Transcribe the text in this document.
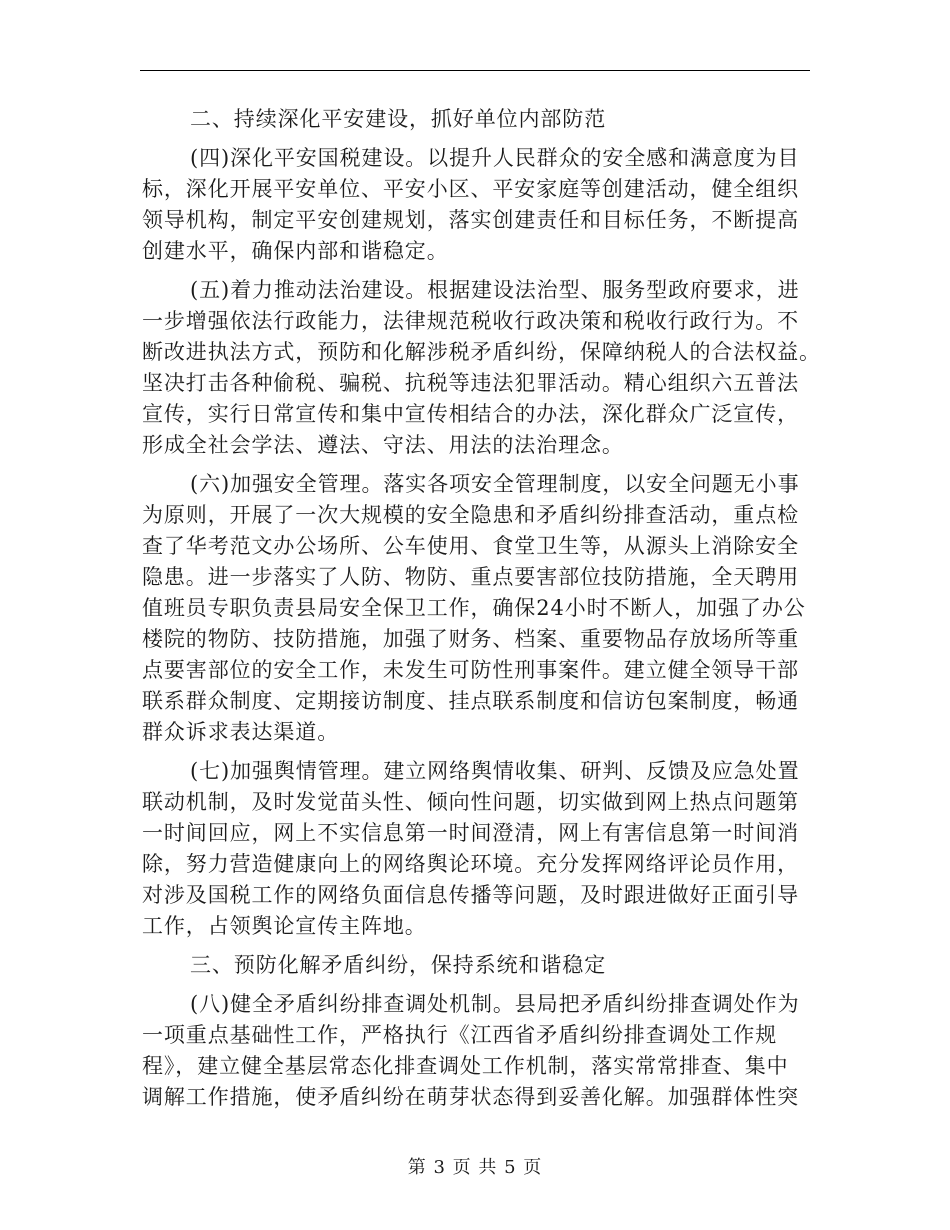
二、持续深化平安建设，抓好单位内部防范
(四)深化平安国税建设。以提升人民群众的安全感和满意度为目
标，深化开展平安单位、平安小区、平安家庭等创建活动，健全组织
领导机构，制定平安创建规划，落实创建责任和目标任务，不断提高
创建水平，确保内部和谐稳定。
(五)着力推动法治建设。根据建设法治型、服务型政府要求，进
一步增强依法行政能力，法律规范税收行政决策和税收行政行为。不
断改进执法方式，预防和化解涉税矛盾纠纷，保障纳税人的合法权益。
坚决打击各种偷税、骗税、抗税等违法犯罪活动。精心组织六五普法
宣传，实行日常宣传和集中宣传相结合的办法，深化群众广泛宣传，
形成全社会学法、遵法、守法、用法的法治理念。
(六)加强安全管理。落实各项安全管理制度，以安全问题无小事
为原则，开展了一次大规模的安全隐患和矛盾纠纷排查活动，重点检
查了华考范文办公场所、公车使用、食堂卫生等，从源头上消除安全
隐患。进一步落实了人防、物防、重点要害部位技防措施，全天聘用
值班员专职负责县局安全保卫工作，确保24小时不断人，加强了办公
楼院的物防、技防措施，加强了财务、档案、重要物品存放场所等重
点要害部位的安全工作，未发生可防性刑事案件。建立健全领导干部
联系群众制度、定期接访制度、挂点联系制度和信访包案制度，畅通
群众诉求表达渠道。
(七)加强舆情管理。建立网络舆情收集、研判、反馈及应急处置
联动机制，及时发觉苗头性、倾向性问题，切实做到网上热点问题第
一时间回应，网上不实信息第一时间澄清，网上有害信息第一时间消
除，努力营造健康向上的网络舆论环境。充分发挥网络评论员作用，
对涉及国税工作的网络负面信息传播等问题，及时跟进做好正面引导
工作，占领舆论宣传主阵地。
三、预防化解矛盾纠纷，保持系统和谐稳定
(八)健全矛盾纠纷排查调处机制。县局把矛盾纠纷排查调处作为
一项重点基础性工作，严格执行《江西省矛盾纠纷排查调处工作规
程》，建立健全基层常态化排查调处工作机制，落实常常排查、集中
调解工作措施，使矛盾纠纷在萌芽状态得到妥善化解。加强群体性突
第 3 页 共 5 页
